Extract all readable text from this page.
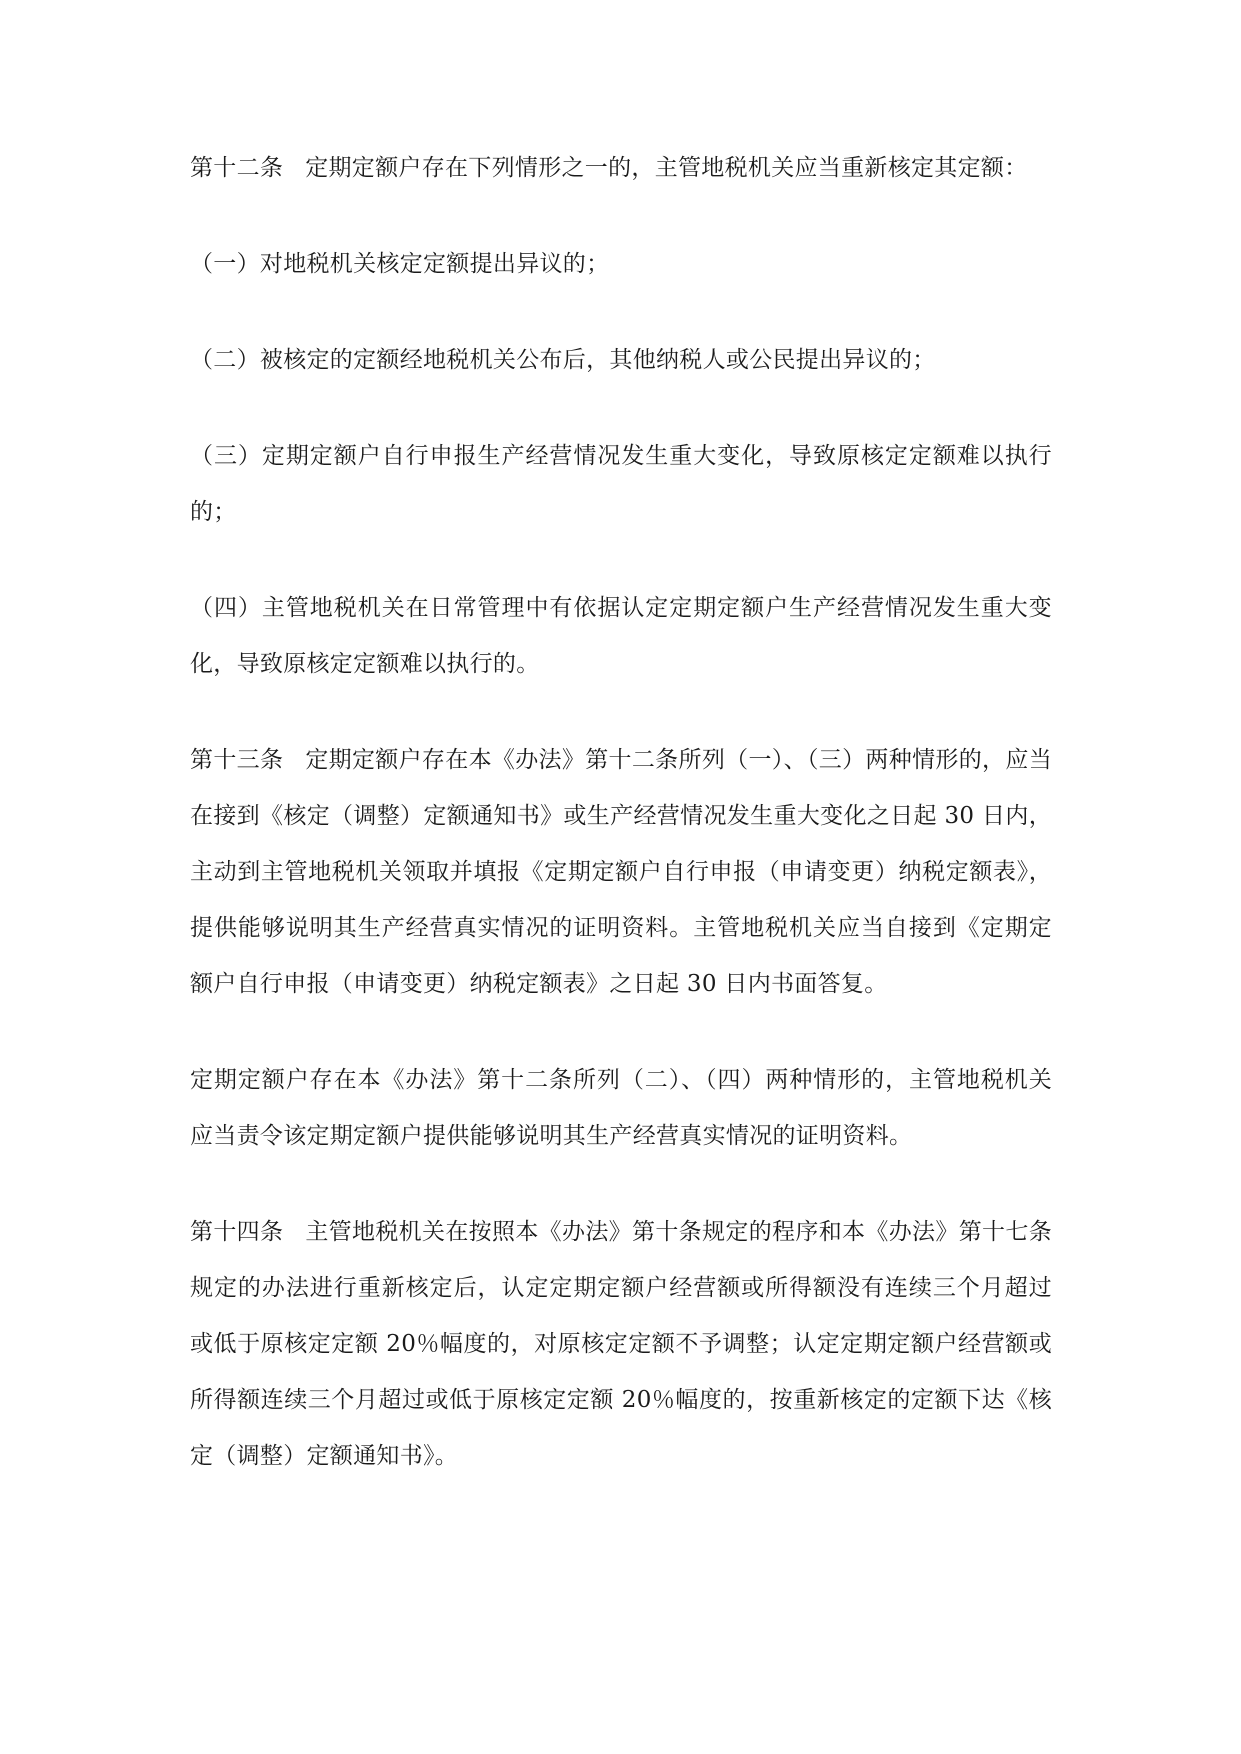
第十二条 定期定额户存在下列情形之一的，主管地税机关应当重新核定其定额：

（一）对地税机关核定定额提出异议的；

（二）被核定的定额经地税机关公布后，其他纳税人或公民提出异议的；

（三）定期定额户自行申报生产经营情况发生重大变化，导致原核定定额难以执行的；

（四）主管地税机关在日常管理中有依据认定定期定额户生产经营情况发生重大变化，导致原核定定额难以执行的。

第十三条 定期定额户存在本《办法》第十二条所列（一）、（三）两种情形的，应当在接到《核定（调整）定额通知书》或生产经营情况发生重大变化之日起 30 日内，主动到主管地税机关领取并填报《定期定额户自行申报（申请变更）纳税定额表》，提供能够说明其生产经营真实情况的证明资料。主管地税机关应当自接到《定期定额户自行申报（申请变更）纳税定额表》之日起 30 日内书面答复。

定期定额户存在本《办法》第十二条所列（二）、（四）两种情形的，主管地税机关应当责令该定期定额户提供能够说明其生产经营真实情况的证明资料。

第十四条 主管地税机关在按照本《办法》第十条规定的程序和本《办法》第十七条规定的办法进行重新核定后，认定定期定额户经营额或所得额没有连续三个月超过或低于原核定定额 20％幅度的，对原核定定额不予调整；认定定期定额户经营额或所得额连续三个月超过或低于原核定定额 20％幅度的，按重新核定的定额下达《核定（调整）定额通知书》。
